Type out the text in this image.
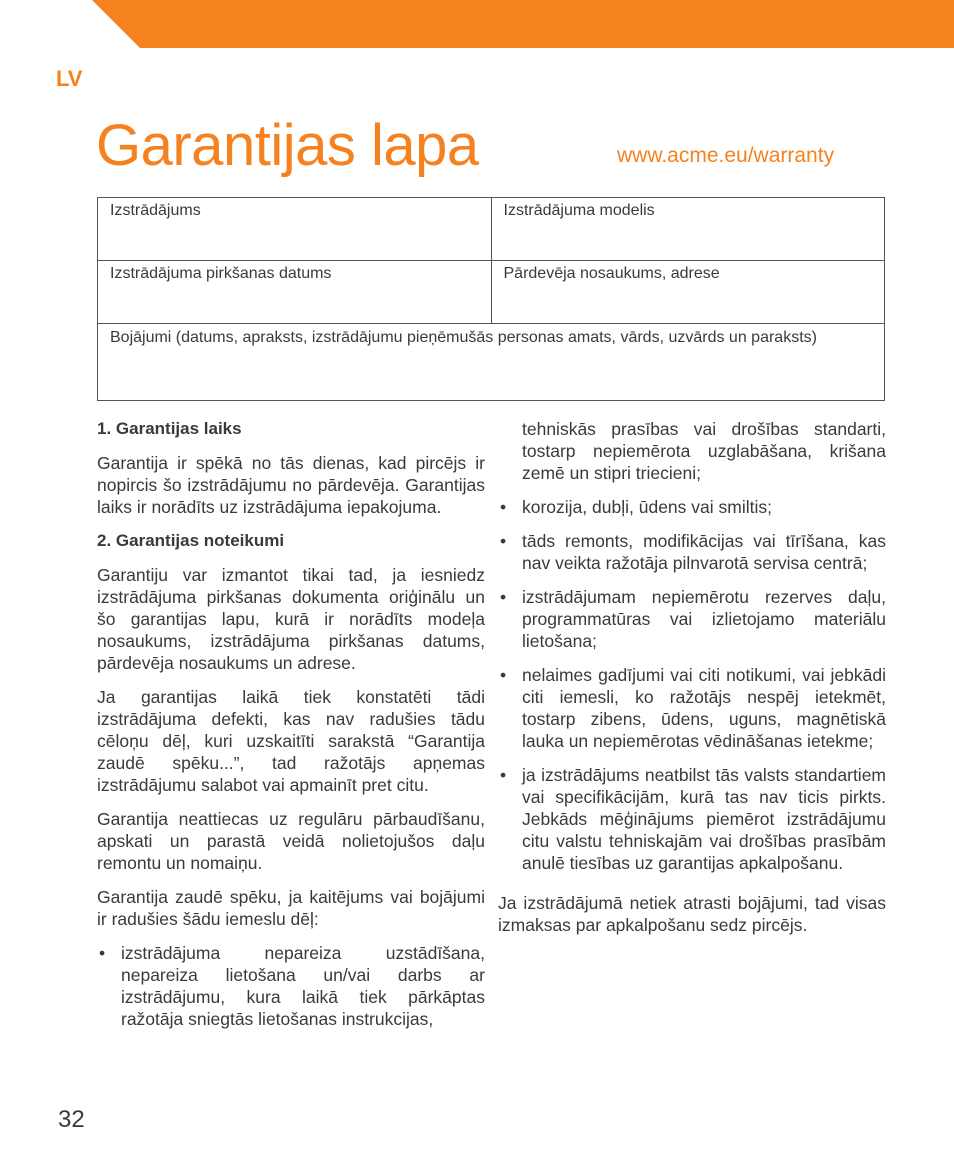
LV
Garantijas lapa	www.acme.eu/warranty
Izstrādājums	Izstrādājuma modelis
Izstrādājuma pirkšanas datums	Pārdevēja nosaukums, adrese
Bojājumi (datums, apraksts, izstrādājumu pieņēmušās personas amats, vārds, uzvārds un paraksts)	
1. Garantijas laiks

Garantija ir spēkā no tās dienas, kad pircējs ir nopircis šo izstrādājumu no pārdevēja. Garantijas laiks ir norādīts uz izstrādājuma iepakojuma.

2. Garantijas noteikumi

Garantiju var izmantot tikai tad, ja iesniedz izstrādājuma pirkšanas dokumenta oriģinālu un šo garantijas lapu, kurā ir norādīts modeļa nosaukums, izstrādājuma pirkšanas datums, pārdevēja nosaukums un adrese.

Ja garantijas laikā tiek konstatēti tādi izstrādājuma defekti, kas nav radušies tādu cēloņu dēļ, kuri uzskaitīti sarakstā “Garantija zaudē spēku...”, tad ražotājs apņemas izstrādājumu salabot vai apmainīt pret citu.

Garantija neattiecas uz regulāru pārbaudīšanu, apskati un parastā veidā nolietojušos daļu remontu un nomaiņu.

Garantija zaudē spēku, ja kaitējums vai bojājumi ir radušies šādu iemeslu dēļ:

• izstrādājuma nepareiza uzstādīšana, nepareiza lietošana un/vai darbs ar izstrādājumu, kura laikā tiek pārkāptas ražotāja sniegtās lietošanas instrukcijas,
tehniskās prasības vai drošības standarti, tostarp nepiemērota uzglabāšana, krišana zemē un stipri triecieni;
• korozija, dubļi, ūdens vai smiltis;
• tāds remonts, modifikācijas vai tīrīšana, kas nav veikta ražotāja pilnvarotā servisa centrā;
• izstrādājumam nepiemērotu rezerves daļu, programmatūras vai izlietojamo materiālu lietošana;
• nelaimes gadījumi vai citi notikumi, vai jebkādi citi iemesli, ko ražotājs nespēj ietekmēt, tostarp zibens, ūdens, uguns, magnētiskā lauka un nepiemērotas vēdināšanas ietekme;
• ja izstrādājums neatbilst tās valsts standartiem vai specifikācijām, kurā tas nav ticis pirkts. Jebkāds mēģinājums piemērot izstrādājumu citu valstu tehniskajām vai drošības prasībām anulē tiesības uz garantijas apkalpošanu.

Ja izstrādājumā netiek atrasti bojājumi, tad visas izmaksas par apkalpošanu sedz pircējs.

32
